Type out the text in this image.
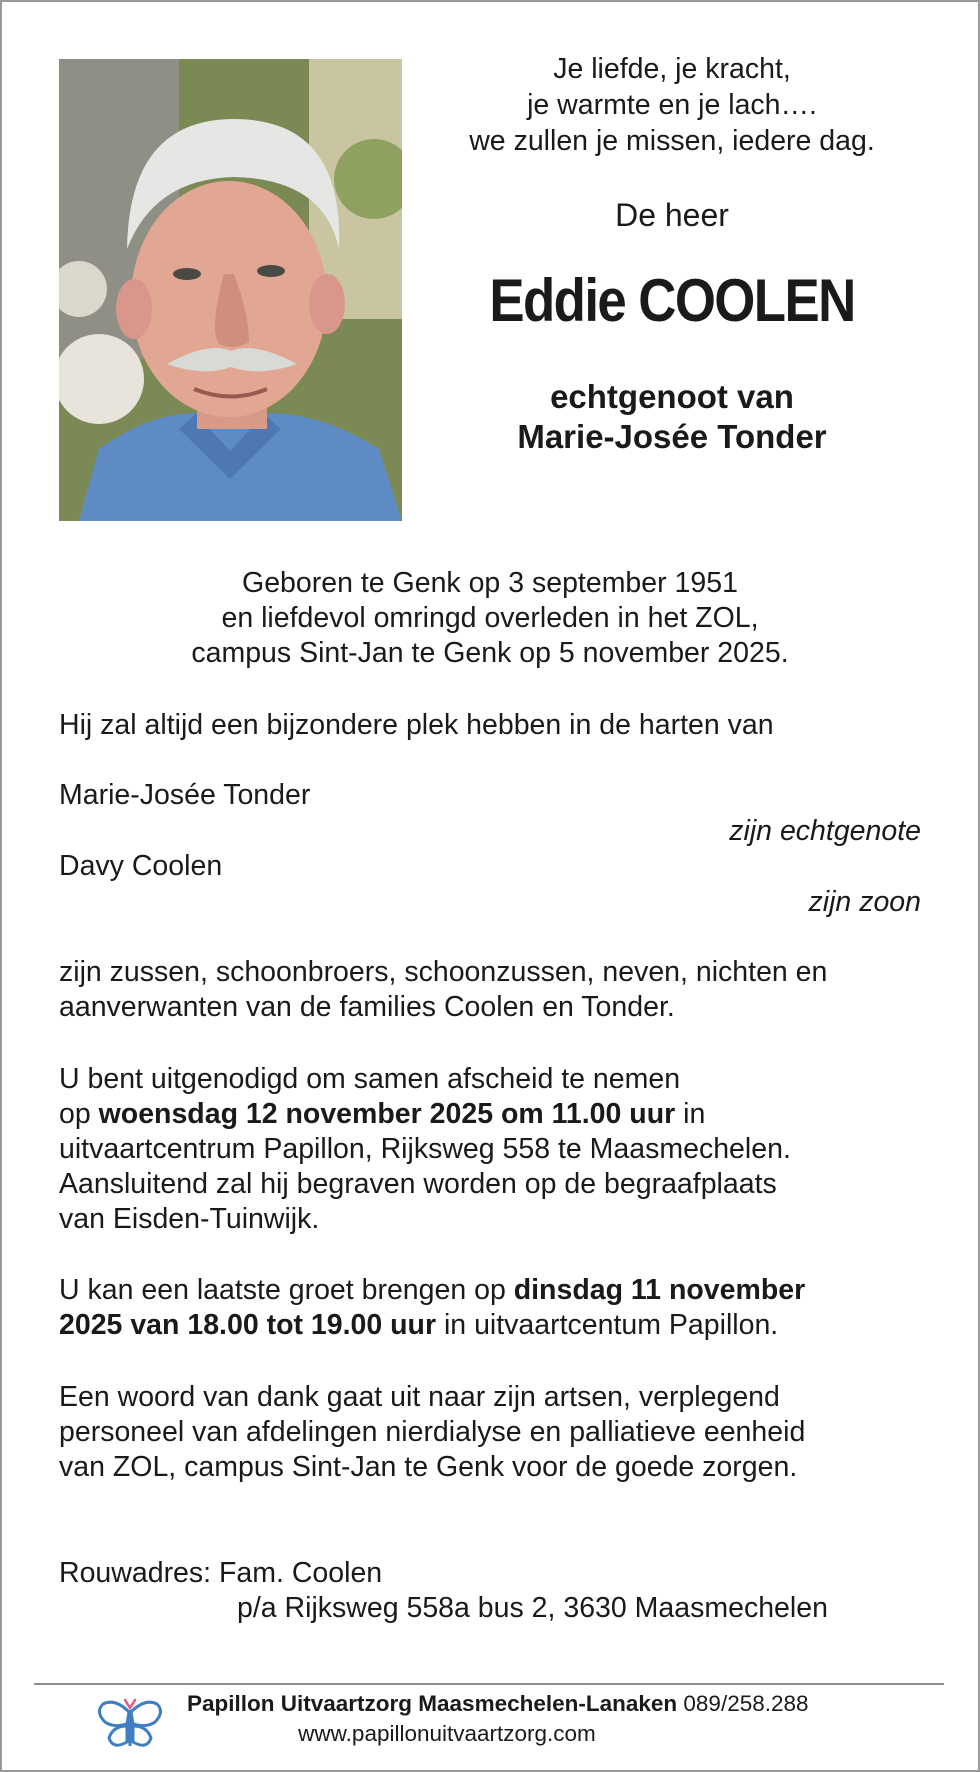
Je liefde, je kracht,

je warmte en je lach….

we zullen je missen, iedere dag.

De heer

Eddie COOLEN

echtgenoot van

Marie-Josée Tonder

Geboren te Genk op 3 september 1951

en liefdevol omringd overleden in het ZOL,

campus Sint-Jan te Genk op 5 november 2025.

Hij zal altijd een bijzondere plek hebben in de harten van

Marie-Josée Tonder

zijn echtgenote

Davy Coolen

zijn zoon

zijn zussen, schoonbroers, schoonzussen, neven, nichten en

aanverwanten van de families Coolen en Tonder.

U bent uitgenodigd om samen afscheid te nemen

op woensdag 12 november 2025 om 11.00 uur in

uitvaartcentrum Papillon, Rijksweg 558 te Maasmechelen.

Aansluitend zal hij begraven worden op de begraafplaats

van Eisden-Tuinwijk.

U kan een laatste groet brengen op dinsdag 11 november

2025 van 18.00 tot 19.00 uur in uitvaartcentum Papillon.

Een woord van dank gaat uit naar zijn artsen, verplegend

personeel van afdelingen nierdialyse en palliatieve eenheid

van ZOL, campus Sint-Jan te Genk voor de goede zorgen.

Rouwadres: Fam. Coolen

p/a Rijksweg 558a bus 2, 3630 Maasmechelen

Papillon Uitvaartzorg Maasmechelen-Lanaken 089/258.288

www.papillonuitvaartzorg.com
